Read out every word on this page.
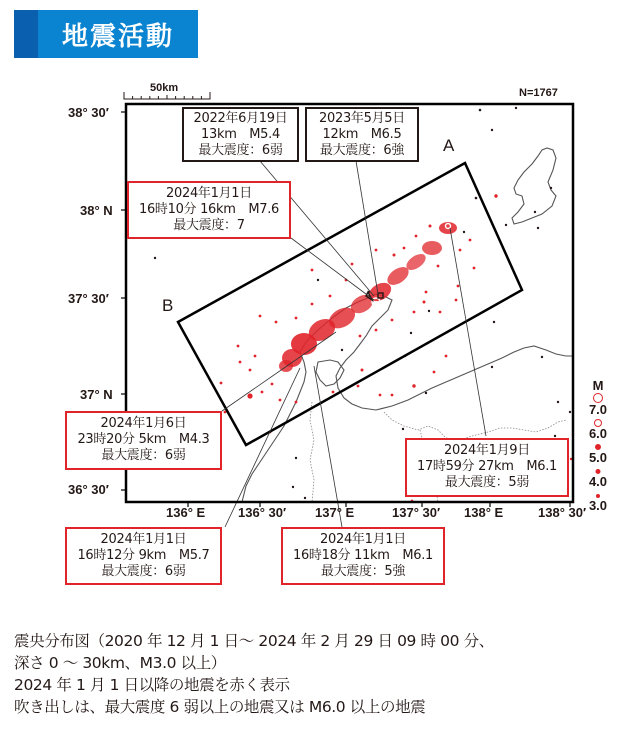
地震活動
50km	N=1767
38° 30′
38° N
37° 30′
37° N
36° 30′
136° E	136° 30′ 137° E	137° 30′ 138° E	138° 30′
A
B
2022年6月19日
13km　M5.4
最大震度：6弱
2023年5月5日
12km　M6.5
最大震度：6強
2024年1月1日
16時10分 16km　M7.6
最大震度：7
2024年1月6日
23時20分 5km　M4.3
最大震度：6弱	2024年1月9日
17時59分 27km　M6.1
最大震度：5弱
2024年1月1日
16時12分 9km　M5.7
最大震度：6弱
2024年1月1日
16時18分 11km　M6.1
最大震度：5強
M
7.0
6.0
5.0
4.0
3.0
震央分布図（2020 年 12 月 1 日～ 2024 年 2 月 29 日 09 時 00 分、
深さ 0 ～ 30km、M3.0 以上）
2024 年 1 月 1 日以降の地震を赤く表示
吹き出しは、最大震度 6 弱以上の地震又は M6.0 以上の地震
